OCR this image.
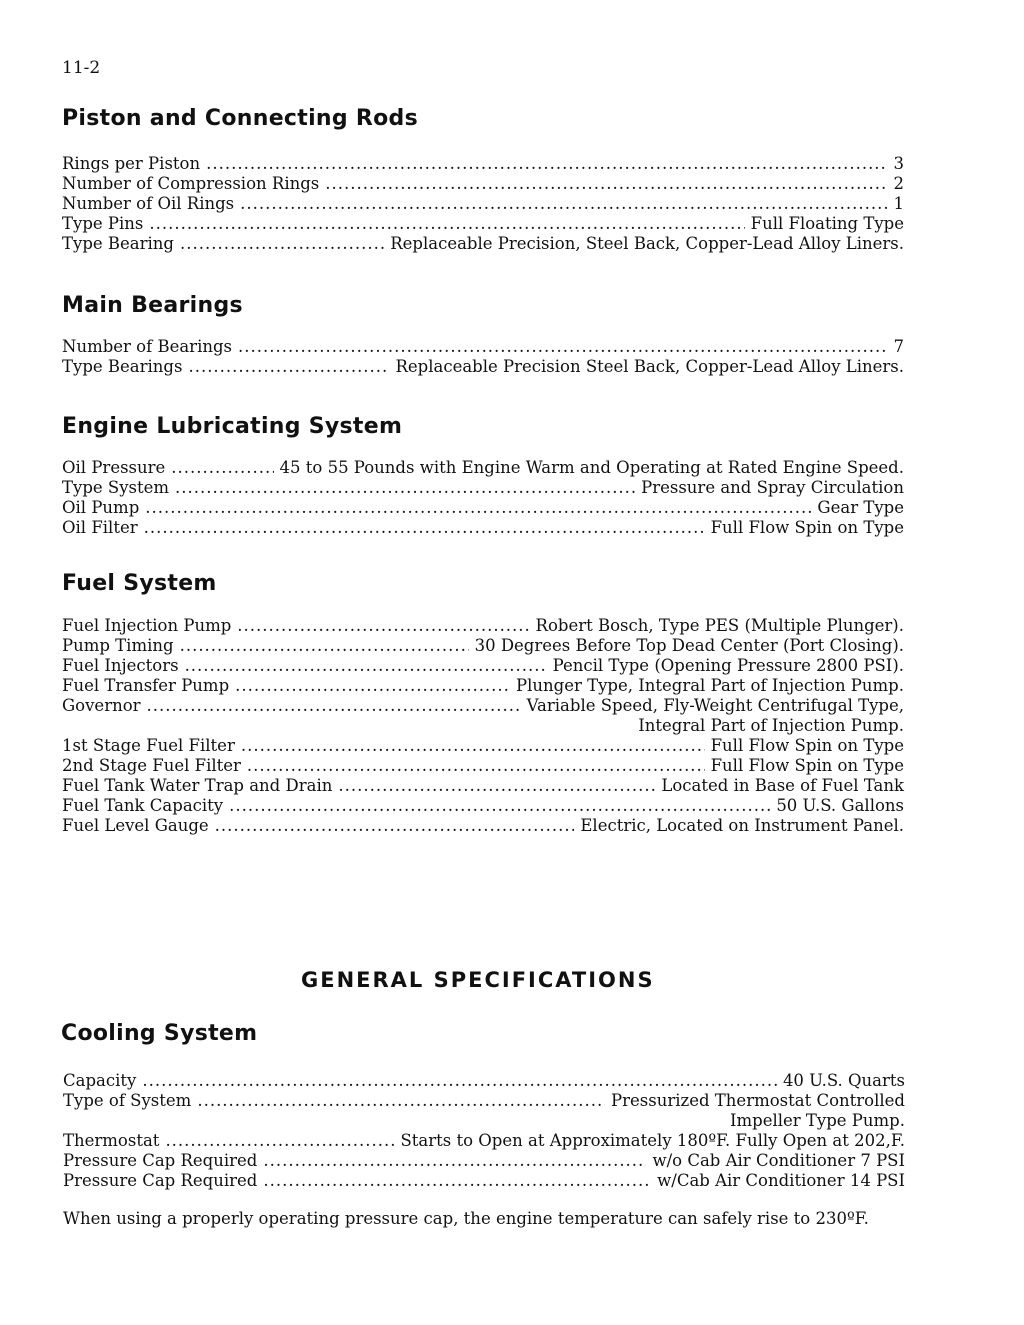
11-2
Piston and Connecting Rods
Rings per Piston .....	3
Number of Compression Rings .....	2
Number of Oil Rings .....	1
Type Pins .....	Full Floating Type
Type Bearing .....	Replaceable Precision, Steel Back, Copper-Lead Alloy Liners.
Main Bearings
Number of Bearings .....	7
Type Bearings .....	Replaceable Precision Steel Back, Copper-Lead Alloy Liners.
Engine Lubricating System
Oil Pressure .....	45 to 55 Pounds with Engine Warm and Operating at Rated Engine Speed.
Type System .....	Pressure and Spray Circulation
Oil Pump .....	Gear Type
Oil Filter .....	Full Flow Spin on Type
Fuel System
Fuel Injection Pump .....	Robert Bosch, Type PES (Multiple Plunger).
Pump Timing .....	30 Degrees Before Top Dead Center (Port Closing).
Fuel Injectors .....	Pencil Type (Opening Pressure 2800 PSI).
Fuel Transfer Pump .....	Plunger Type, Integral Part of Injection Pump.
Governor .....	Variable Speed, Fly-Weight Centrifugal Type,
Integral Part of Injection Pump.
1st Stage Fuel Filter .....	Full Flow Spin on Type
2nd Stage Fuel Filter .....	Full Flow Spin on Type
Fuel Tank Water Trap and Drain .....	Located in Base of Fuel Tank
Fuel Tank Capacity .....	50 U.S. Gallons
Fuel Level Gauge .....	Electric, Located on Instrument Panel.
GENERAL SPECIFICATIONS
Cooling System
Capacity .....	40 U.S. Quarts
Type of System .....	Pressurized Thermostat Controlled
Impeller Type Pump.
Thermostat .....	Starts to Open at Approximately 180ºF. Fully Open at 202,F.
Pressure Cap Required .....	w/o Cab Air Conditioner 7 PSI
Pressure Cap Required .....	w/Cab Air Conditioner 14 PSI

When using a properly operating pressure cap, the engine temperature can safely rise to 230ºF.
